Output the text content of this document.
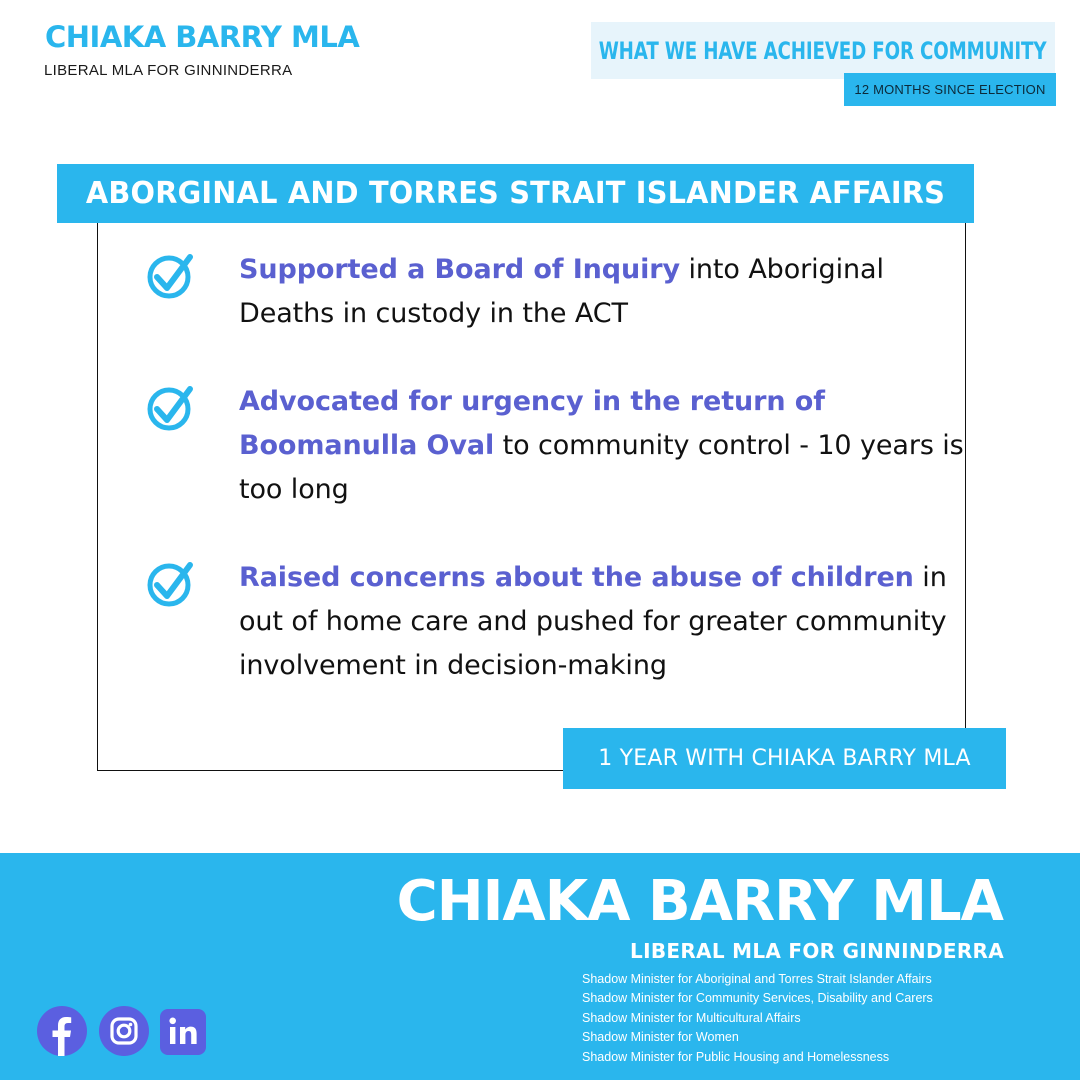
CHIAKA BARRY MLA
LIBERAL MLA FOR GINNINDERRA
WHAT WE HAVE ACHIEVED FOR COMMUNITY
12 MONTHS SINCE ELECTION
ABORGINAL AND TORRES STRAIT ISLANDER AFFAIRS
Supported a Board of Inquiry into Aboriginal Deaths in custody in the ACT
Advocated for urgency in the return of Boomanulla Oval to community control - 10 years is too long
Raised concerns about the abuse of children in out of home care and pushed for greater community involvement in decision-making
1 YEAR WITH CHIAKA BARRY MLA
CHIAKA BARRY MLA
LIBERAL MLA FOR GINNINDERRA
Shadow Minister for Aboriginal and Torres Strait Islander Affairs
Shadow Minister for Community Services, Disability and Carers
Shadow Minister for Multicultural Affairs
Shadow Minister for Women
Shadow Minister for Public Housing and Homelessness
